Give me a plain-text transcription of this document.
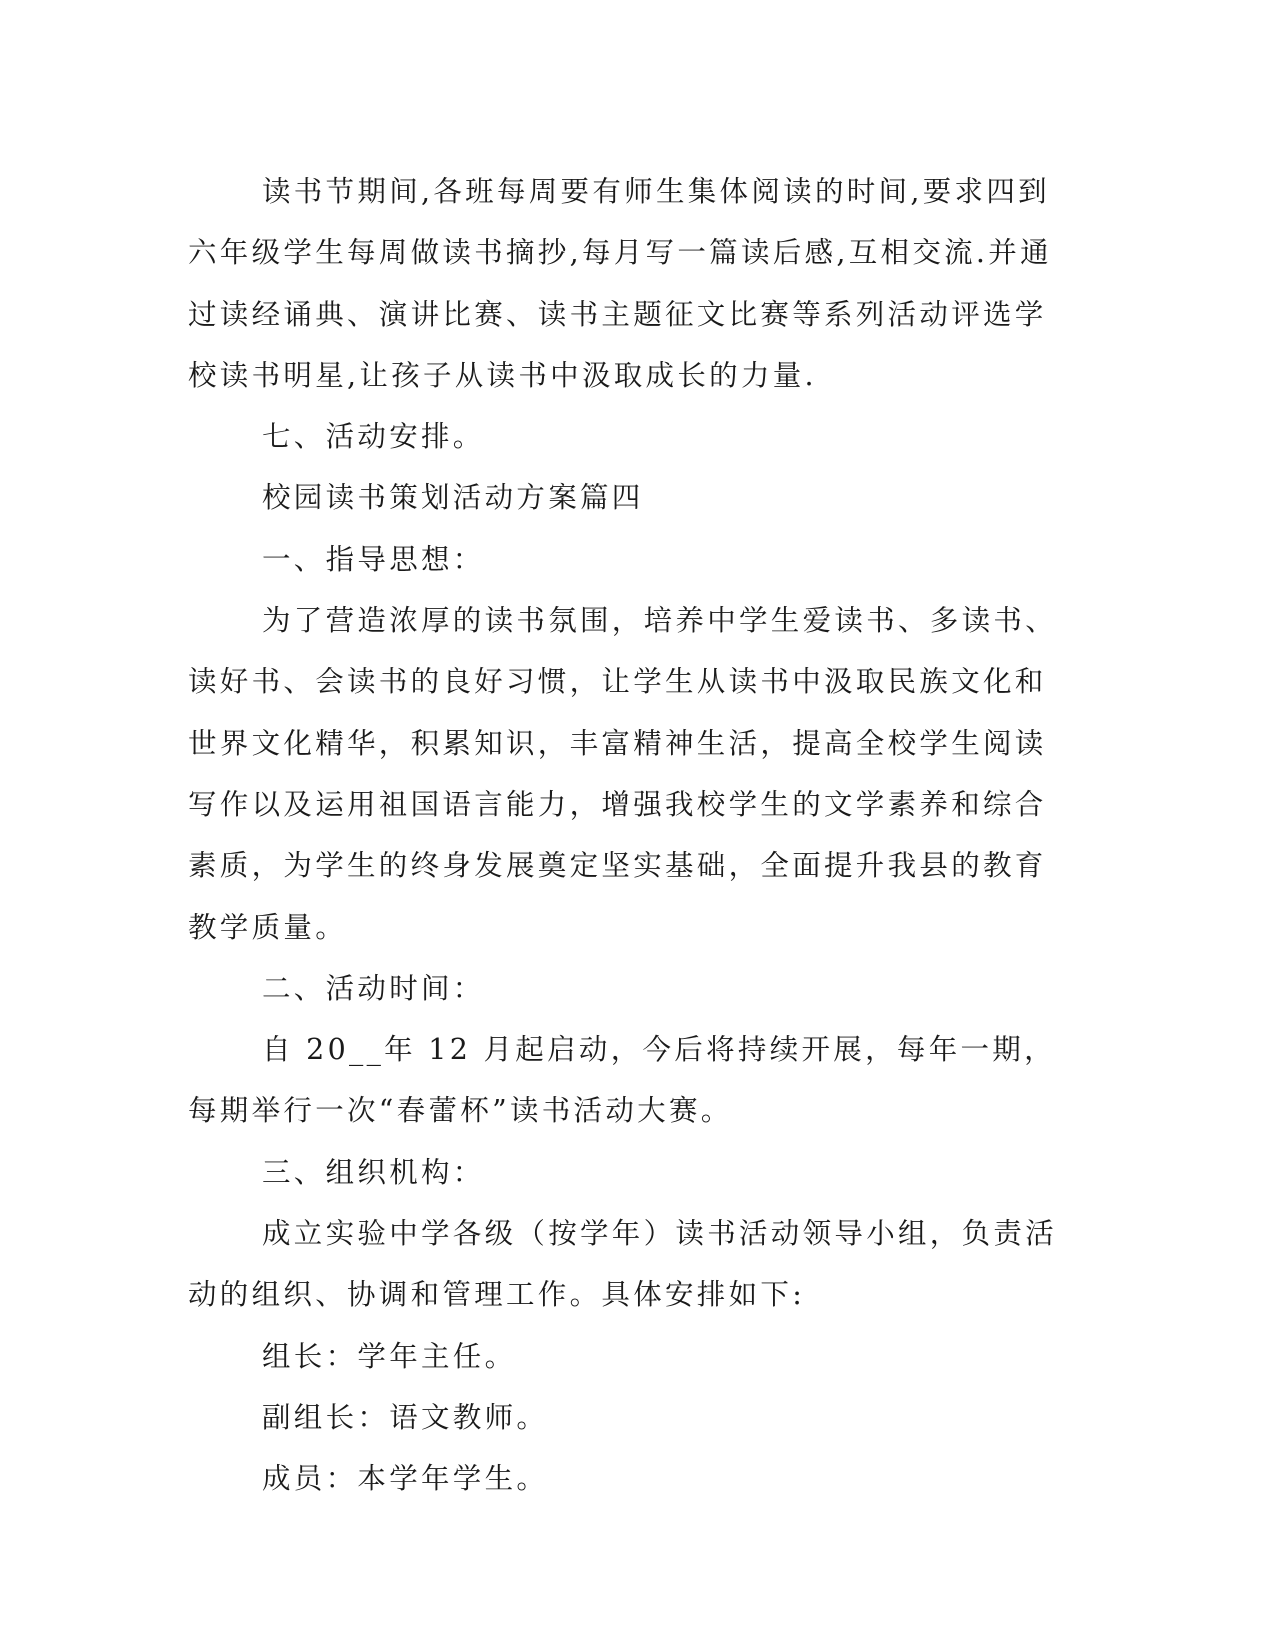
读书节期间,各班每周要有师生集体阅读的时间,要求四到六年级学生每周做读书摘抄,每月写一篇读后感,互相交流.并通过读经诵典、演讲比赛、读书主题征文比赛等系列活动评选学校读书明星,让孩子从读书中汲取成长的力量.

七、活动安排。

校园读书策划活动方案篇四

一、指导思想：

为了营造浓厚的读书氛围，培养中学生爱读书、多读书、读好书、会读书的良好习惯，让学生从读书中汲取民族文化和世界文化精华，积累知识，丰富精神生活，提高全校学生阅读写作以及运用祖国语言能力，增强我校学生的文学素养和综合素质，为学生的终身发展奠定坚实基础，全面提升我县的教育教学质量。

二、活动时间：

自 20__年 12 月起启动，今后将持续开展，每年一期，每期举行一次“春蕾杯”读书活动大赛。

三、组织机构：

成立实验中学各级（按学年）读书活动领导小组，负责活动的组织、协调和管理工作。具体安排如下:

组长：学年主任。

副组长：语文教师。

成员：本学年学生。
